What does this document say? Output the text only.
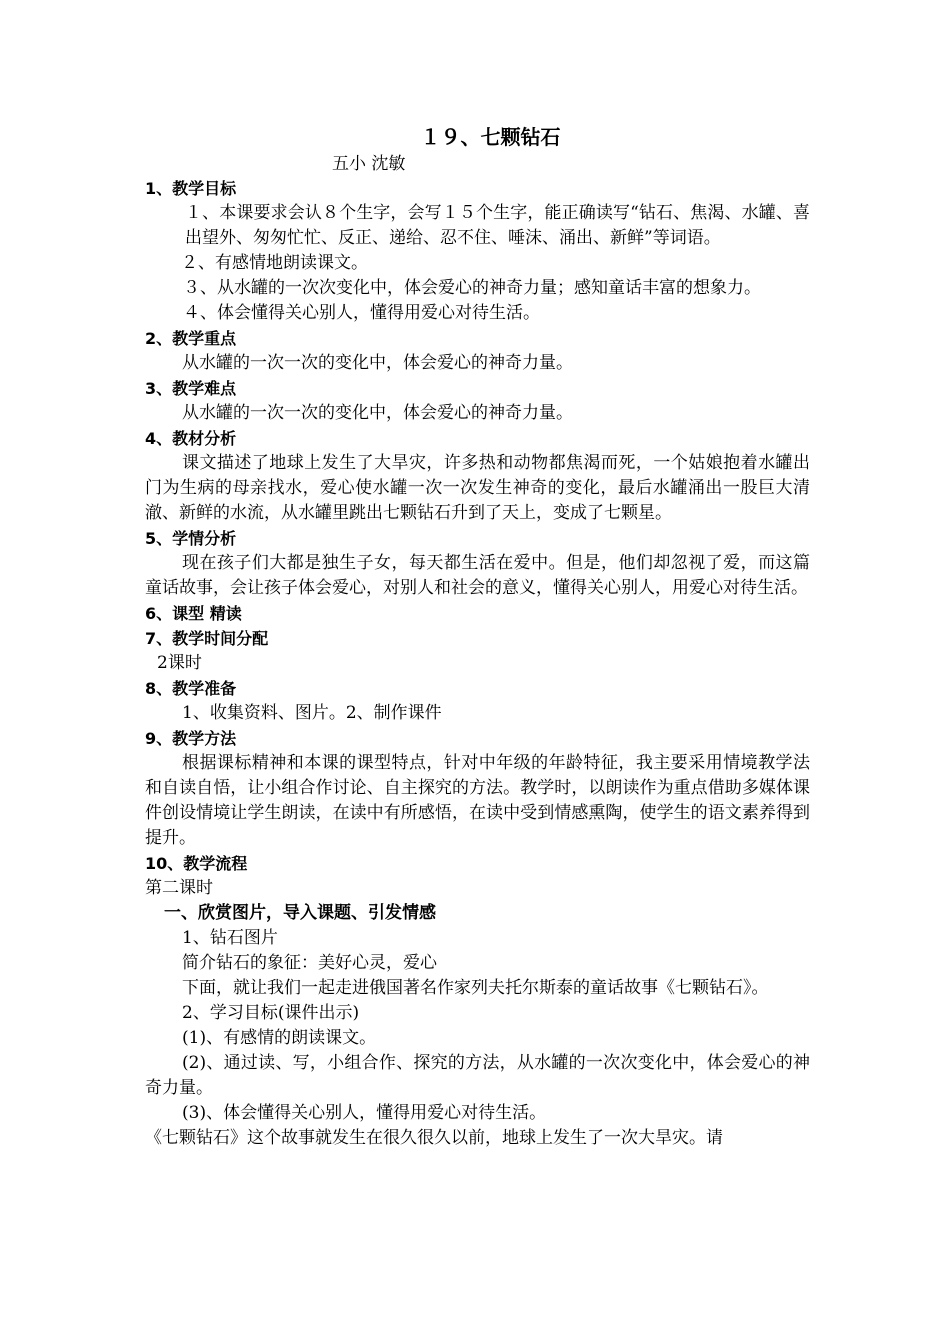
１９、七颗钻石
五小 沈敏
1、教学目标
１、本课要求会认８个生字，会写１５个生字，能正确读写“钻石、焦渴、水罐、喜出望外、匆匆忙忙、反正、递给、忍不住、唾沫、涌出、新鲜”等词语。
２、有感情地朗读课文。
３、从水罐的一次次变化中，体会爱心的神奇力量；感知童话丰富的想象力。
４、体会懂得关心别人，懂得用爱心对待生活。
2、教学重点
从水罐的一次一次的变化中，体会爱心的神奇力量。
3、教学难点
从水罐的一次一次的变化中，体会爱心的神奇力量。
4、教材分析
课文描述了地球上发生了大旱灾，许多热和动物都焦渴而死，一个姑娘抱着水罐出门为生病的母亲找水，爱心使水罐一次一次发生神奇的变化，最后水罐涌出一股巨大清澈、新鲜的水流，从水罐里跳出七颗钻石升到了天上，变成了七颗星。
5、学情分析
现在孩子们大都是独生子女，每天都生活在爱中。但是，他们却忽视了爱，而这篇童话故事，会让孩子体会爱心，对别人和社会的意义，懂得关心别人，用爱心对待生活。
6、课型 精读
7、教学时间分配
2课时
8、教学准备
1、收集资料、图片。2、制作课件
9、教学方法
根据课标精神和本课的课型特点，针对中年级的年龄特征，我主要采用情境教学法和自读自悟，让小组合作讨论、自主探究的方法。教学时，以朗读作为重点借助多媒体课件创设情境让学生朗读，在读中有所感悟，在读中受到情感熏陶，使学生的语文素养得到提升。
10、教学流程
第二课时
一、欣赏图片，导入课题、引发情感
1、钻石图片
简介钻石的象征：美好心灵，爱心
下面，就让我们一起走进俄国著名作家列夫托尔斯泰的童话故事《七颗钻石》。
2、学习目标(课件出示)
(1)、有感情的朗读课文。
(2)、通过读、写，小组合作、探究的方法，从水罐的一次次变化中，体会爱心的神奇力量。
(3)、体会懂得关心别人，懂得用爱心对待生活。
《七颗钻石》这个故事就发生在很久很久以前，地球上发生了一次大旱灾。请
